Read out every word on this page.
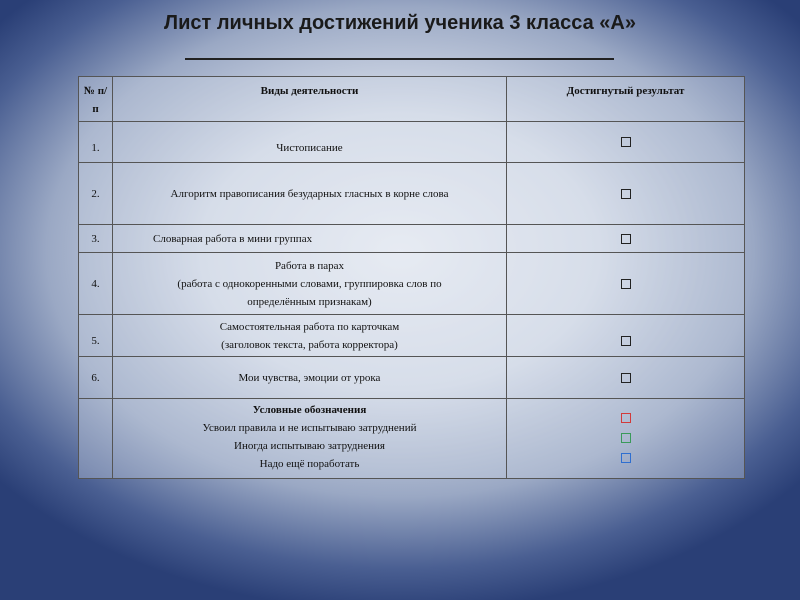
Лист личных достижений ученика 3 класса «А»
№ п/п	Виды деятельности	Достигнутый результат
1.	Чистописание	

2.	Алгоритм правописания безударных гласных в корне слова	

3.	Словарная работа в мини группах	

4.	Работа в парах
(работа с однокоренными словами, группировка слов по
определённым признакам)	

5.	Самостоятельная работа по карточкам
(заголовок текста, работа корректора)	

6.	Мои чувства, эмоции от урока	

	Условные обозначения
Усвоил правила и не испытываю затруднений
Иногда испытываю затруднения
Надо ещё поработать	
